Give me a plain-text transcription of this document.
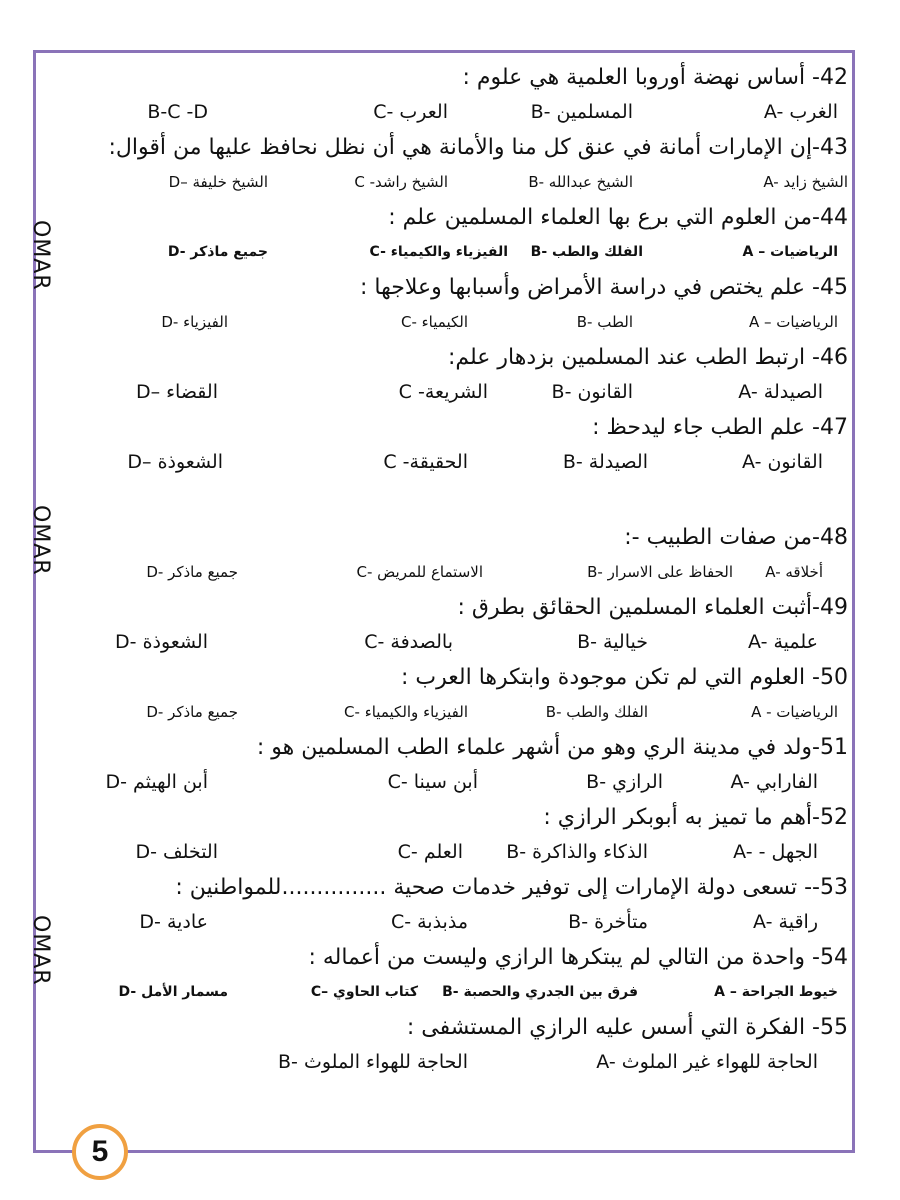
OMAR
OMAR
OMAR
42- أساس نهضة أوروبا العلمية هي علوم :
A- الغرب
B- المسلمين
C- العرب
B-C -D
43-إن الإمارات أمانة في عنق كل منا والأمانة هي أن نظل نحافظ عليها من أقوال:
A- الشيخ زايد
B- الشيخ عبدالله
C -الشيخ راشد
D– الشيخ خليفة
44-من العلوم التي برع بها العلماء المسلمين علم :
A – الرياضيات
B- الفلك والطب
C- الفيزياء والكيمياء
D- جميع ماذكر
45- علم يختص في دراسة الأمراض وأسبابها وعلاجها :
A – الرياضيات
B- الطب
C- الكيمياء
D- الفيزياء
46- ارتبط الطب عند المسلمين بزدهار علم:
A- الصيدلة
B- القانون
C -الشريعة
D– القضاء
47- علم الطب جاء ليدحظ :
A- القانون
B- الصيدلة
C -الحقيقة
D– الشعوذة
48-من صفات الطبيب -:
A- أخلاقه
B- الحفاظ على الاسرار
C- الاستماع للمريض
D- جميع ماذكر
49-أثبت العلماء المسلمين الحقائق بطرق :
A- علمية
B- خيالية
C- بالصدفة
D- الشعوذة
50- العلوم التي لم تكن موجودة وابتكرها العرب :
A - الرياضيات
B- الفلك والطب
C- الفيزياء والكيمياء
D- جميع ماذكر
51-ولد في مدينة الري وهو من أشهر علماء الطب المسلمين هو :
A- الفارابي
B- الرازي
C- أبن سينا
D- أبن الهيثم
52-أهم ما تميز به أبوبكر الرازي :
A- - الجهل
B- الذكاء والذاكرة
C- العلم
D- التخلف
53-- تسعى دولة الإمارات إلى توفير خدمات صحية ...............للمواطنين :
A- راقية
B- متأخرة
C- مذبذبة
D- عادية
54- واحدة من التالي لم يبتكرها الرازي وليست من أعماله :
A – خيوط الجراحة
B- فرق بين الجدري والحصبة
C– كتاب الحاوي
D- مسمار الأمل
55- الفكرة التي أسس عليه الرازي المستشفى :
A- الحاجة للهواء غير الملوث
B- الحاجة للهواء الملوث
5
